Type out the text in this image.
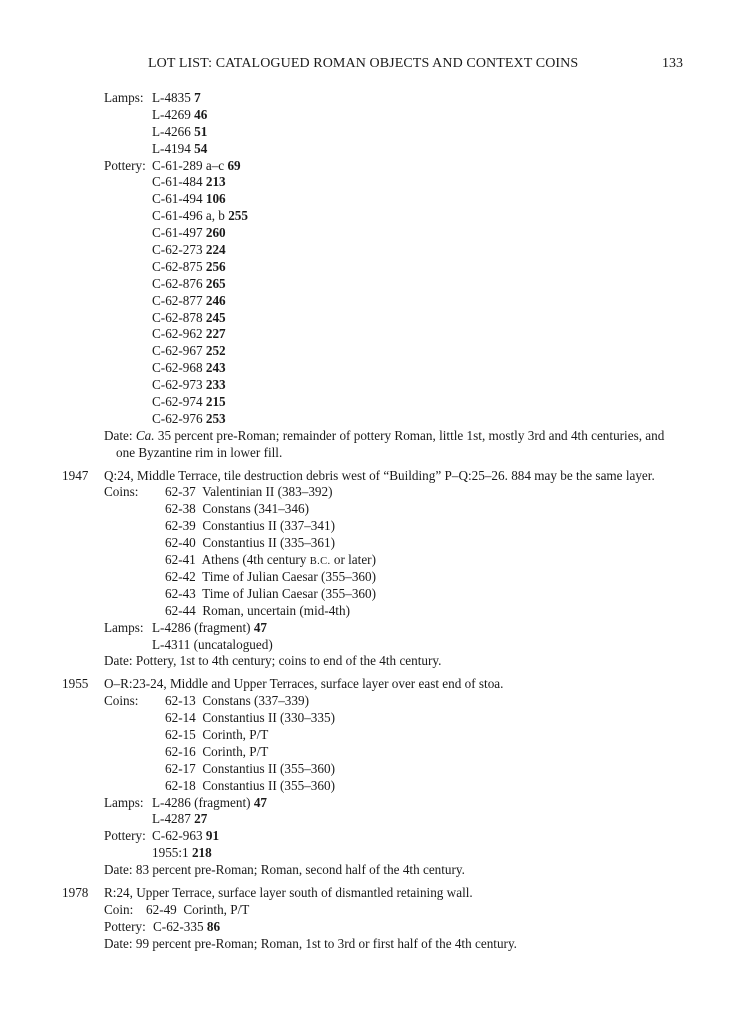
LOT LIST: CATALOGUED ROMAN OBJECTS AND CONTEXT COINS	133
Lamps: L-4835 7
L-4269 46
L-4266 51
L-4194 54
Pottery: C-61-289 a–c 69
C-61-484 213
C-61-494 106
C-61-496 a, b 255
C-61-497 260
C-62-273 224
C-62-875 256
C-62-876 265
C-62-877 246
C-62-878 245
C-62-962 227
C-62-967 252
C-62-968 243
C-62-973 233
C-62-974 215
C-62-976 253
Date: Ca. 35 percent pre-Roman; remainder of pottery Roman, little 1st, mostly 3rd and 4th centuries, and
one Byzantine rim in lower fill.
1947 Q:24, Middle Terrace, tile destruction debris west of “Building” P–Q:25–26. 884 may be the same layer.
Coins: 62-37 Valentinian II (383–392)
62-38 Constans (341–346)
62-39 Constantius II (337–341)
62-40 Constantius II (335–361)
62-41 Athens (4th century B.C. or later)
62-42 Time of Julian Caesar (355–360)
62-43 Time of Julian Caesar (355–360)
62-44 Roman, uncertain (mid-4th)
Lamps: L-4286 (fragment) 47
L-4311 (uncatalogued)
Date: Pottery, 1st to 4th century; coins to end of the 4th century.
1955 O–R:23-24, Middle and Upper Terraces, surface layer over east end of stoa.
Coins: 62-13 Constans (337–339)
62-14 Constantius II (330–335)
62-15 Corinth, P/T
62-16 Corinth, P/T
62-17 Constantius II (355–360)
62-18 Constantius II (355–360)
Lamps: L-4286 (fragment) 47
L-4287 27
Pottery: C-62-963 91
1955:1 218
Date: 83 percent pre-Roman; Roman, second half of the 4th century.
1978 R:24, Upper Terrace, surface layer south of dismantled retaining wall.
Coin: 62-49 Corinth, P/T
Pottery: C-62-335 86
Date: 99 percent pre-Roman; Roman, 1st to 3rd or first half of the 4th century.
